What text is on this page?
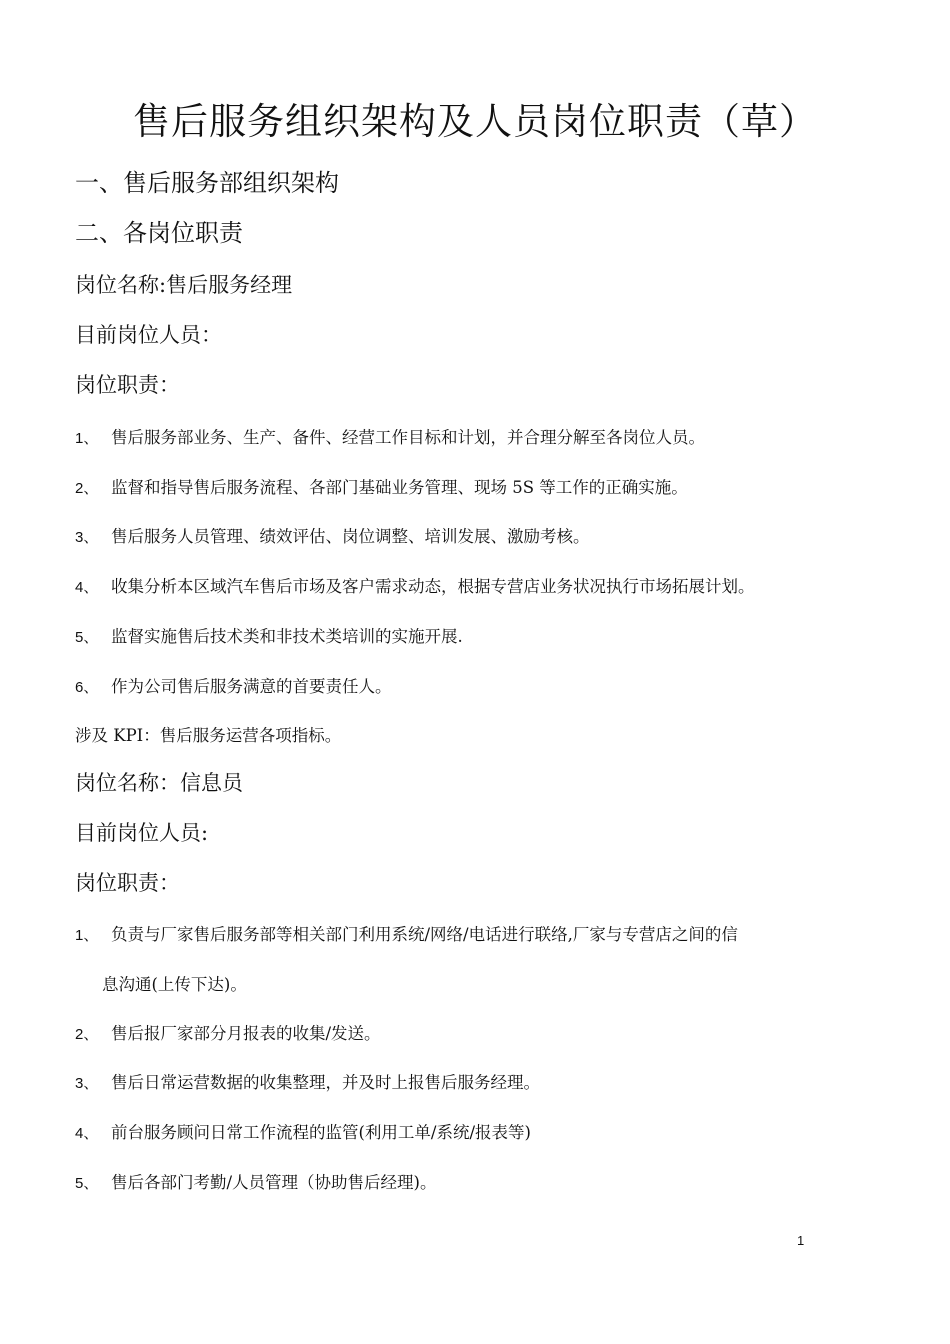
售后服务组织架构及人员岗位职责（草）
一、售后服务部组织架构
二、各岗位职责
岗位名称:售后服务经理
目前岗位人员：
岗位职责：
1、 售后服务部业务、生产、备件、经营工作目标和计划，并合理分解至各岗位人员。
2、 监督和指导售后服务流程、各部门基础业务管理、现场 5S 等工作的正确实施。
3、 售后服务人员管理、绩效评估、岗位调整、培训发展、激励考核。
4、 收集分析本区域汽车售后市场及客户需求动态，根据专营店业务状况执行市场拓展计划。
5、 监督实施售后技术类和非技术类培训的实施开展.
6、 作为公司售后服务满意的首要责任人。
涉及 KPI：售后服务运营各项指标。
岗位名称：信息员
目前岗位人员:
岗位职责：
1、 负责与厂家售后服务部等相关部门利用系统/网络/电话进行联络,厂家与专营店之间的信
息沟通(上传下达)。
2、 售后报厂家部分月报表的收集/发送。
3、 售后日常运营数据的收集整理，并及时上报售后服务经理。
4、 前台服务顾问日常工作流程的监管(利用工单/系统/报表等)
5、 售后各部门考勤/人员管理（协助售后经理)。
1
